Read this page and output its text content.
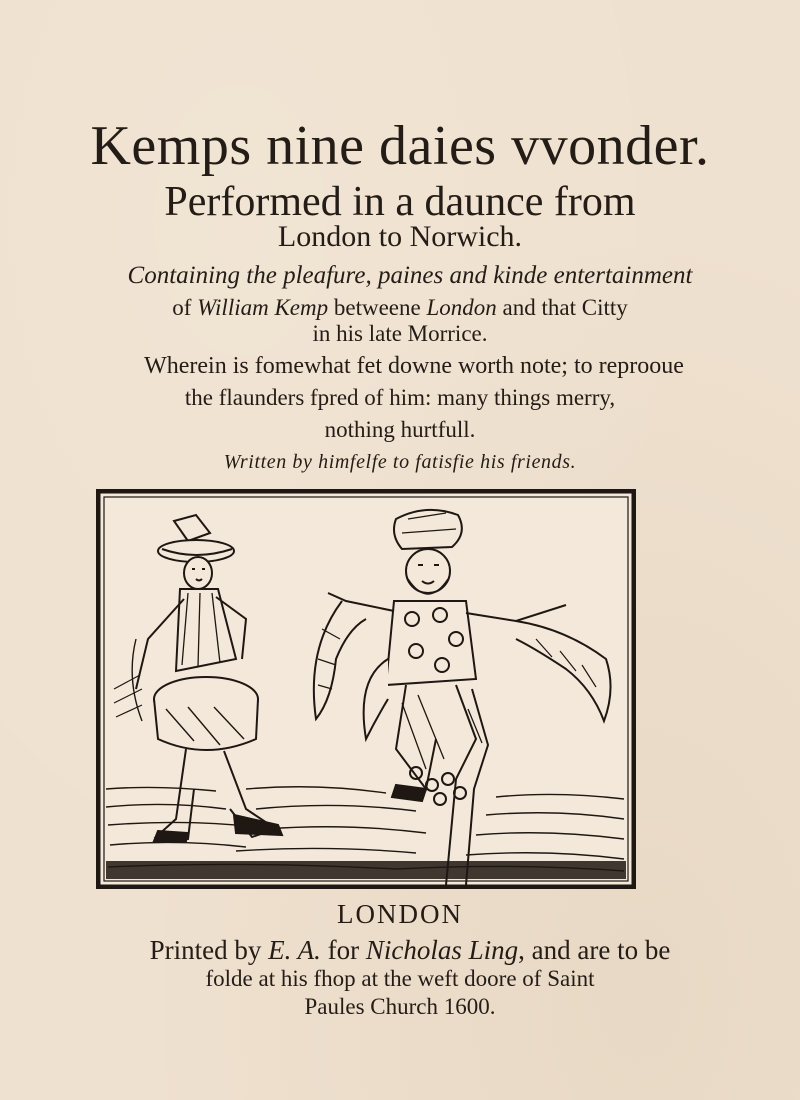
Kemps nine daies vvonder.
Performed in a daunce from
London to Norwich.
Containing the pleafure, paines and kinde entertainment
of William Kemp betweene London and that Citty
in his late Morrice.
Wherein is fomewhat fet downe worth note; to reprooue
the flaunders fpred of him: many things merry,
nothing hurtfull.
Written by himfelfe to fatisfie his friends.
LONDON
Printed by E. A. for Nicholas Ling, and are to be
folde at his fhop at the weft doore of Saint
Paules Church 1600.
